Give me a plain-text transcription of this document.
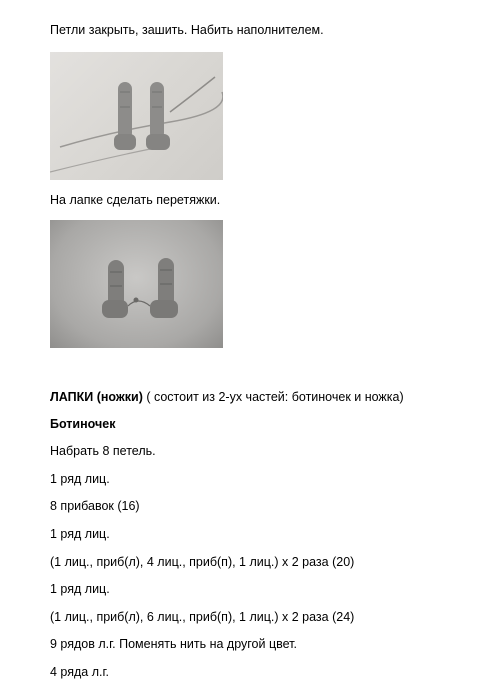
Петли закрыть, зашить. Набить наполнителем.
На лапке сделать перетяжки.
ЛАПКИ (ножки) ( состоит из 2-ух частей: ботиночек и ножка)
Ботиночек
Набрать 8 петель.
1 ряд лиц.
8 прибавок (16)
1 ряд лиц.
(1 лиц., приб(л), 4 лиц., приб(п), 1 лиц.) х 2 раза (20)
1 ряд лиц.
(1 лиц., приб(л), 6 лиц., приб(п), 1 лиц.) х 2 раза (24)
9 рядов л.г. Поменять нить на другой цвет.
4 ряда л.г.
